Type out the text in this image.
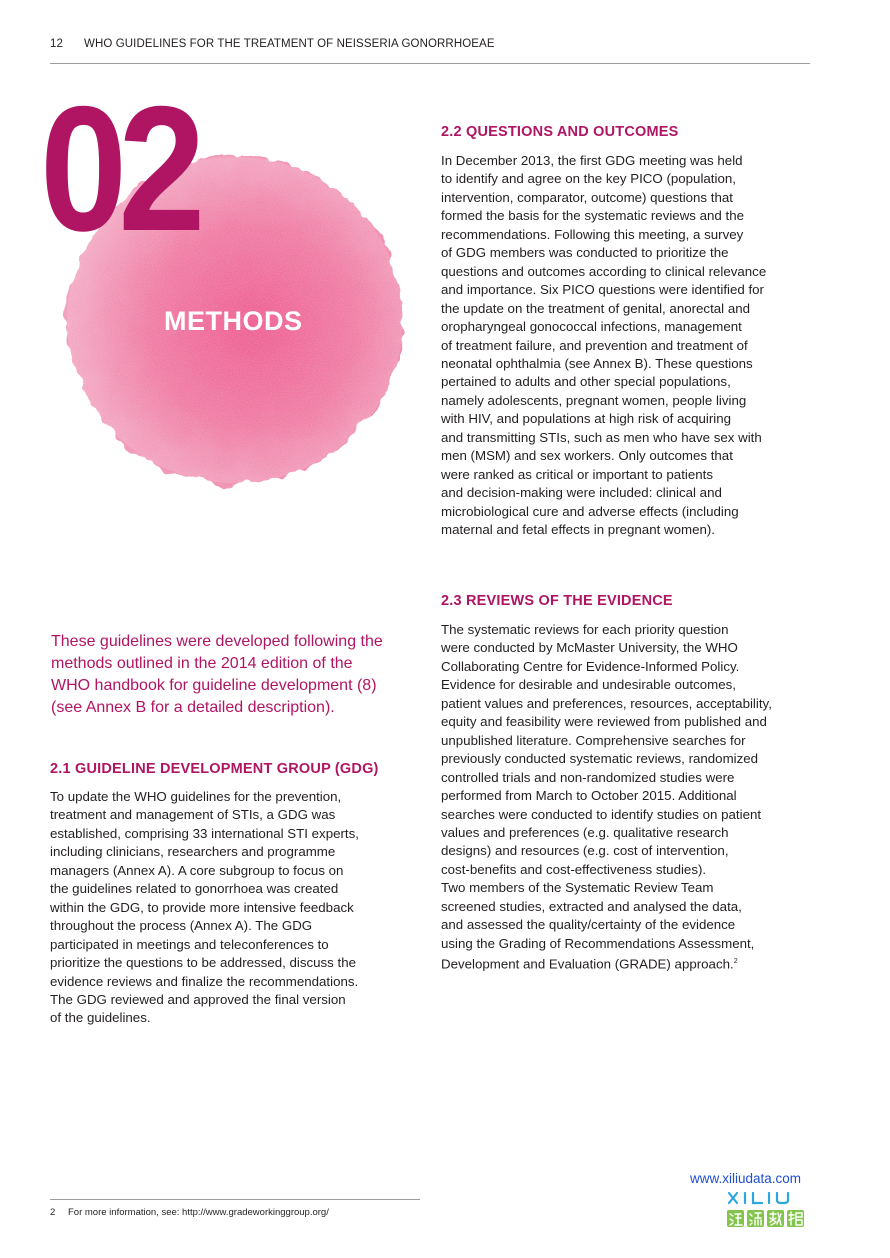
12 WHO GUIDELINES FOR THE TREATMENT OF NEISSERIA GONORRHOEAE
02
METHODS
These guidelines were developed following the
methods outlined in the 2014 edition of the
WHO handbook for guideline development (8)
(see Annex B for a detailed description).
2.1 GUIDELINE DEVELOPMENT GROUP (GDG)
To update the WHO guidelines for the prevention,
treatment and management of STIs, a GDG was
established, comprising 33 international STI experts,
including clinicians, researchers and programme
managers (Annex A). A core subgroup to focus on
the guidelines related to gonorrhoea was created
within the GDG, to provide more intensive feedback
throughout the process (Annex A). The GDG
participated in meetings and teleconferences to
prioritize the questions to be addressed, discuss the
evidence reviews and finalize the recommendations.
The GDG reviewed and approved the final version
of the guidelines.
2.2 QUESTIONS AND OUTCOMES
In December 2013, the first GDG meeting was held
to identify and agree on the key PICO (population,
intervention, comparator, outcome) questions that
formed the basis for the systematic reviews and the
recommendations. Following this meeting, a survey
of GDG members was conducted to prioritize the
questions and outcomes according to clinical relevance
and importance. Six PICO questions were identified for
the update on the treatment of genital, anorectal and
oropharyngeal gonococcal infections, management
of treatment failure, and prevention and treatment of
neonatal ophthalmia (see Annex B). These questions
pertained to adults and other special populations,
namely adolescents, pregnant women, people living
with HIV, and populations at high risk of acquiring
and transmitting STIs, such as men who have sex with
men (MSM) and sex workers. Only outcomes that
were ranked as critical or important to patients
and decision-making were included: clinical and
microbiological cure and adverse effects (including
maternal and fetal effects in pregnant women).
2.3 REVIEWS OF THE EVIDENCE
The systematic reviews for each priority question
were conducted by McMaster University, the WHO
Collaborating Centre for Evidence-Informed Policy.
Evidence for desirable and undesirable outcomes,
patient values and preferences, resources, acceptability,
equity and feasibility were reviewed from published and
unpublished literature. Comprehensive searches for
previously conducted systematic reviews, randomized
controlled trials and non-randomized studies were
performed from March to October 2015. Additional
searches were conducted to identify studies on patient
values and preferences (e.g. qualitative research
designs) and resources (e.g. cost of intervention,
cost-benefits and cost-effectiveness studies).
Two members of the Systematic Review Team
screened studies, extracted and analysed the data,
and assessed the quality/certainty of the evidence
using the Grading of Recommendations Assessment,
Development and Evaluation (GRADE) approach.$^2$
2 For more information, see: http://www.gradeworkinggroup.org/
www.xiliudata.com
